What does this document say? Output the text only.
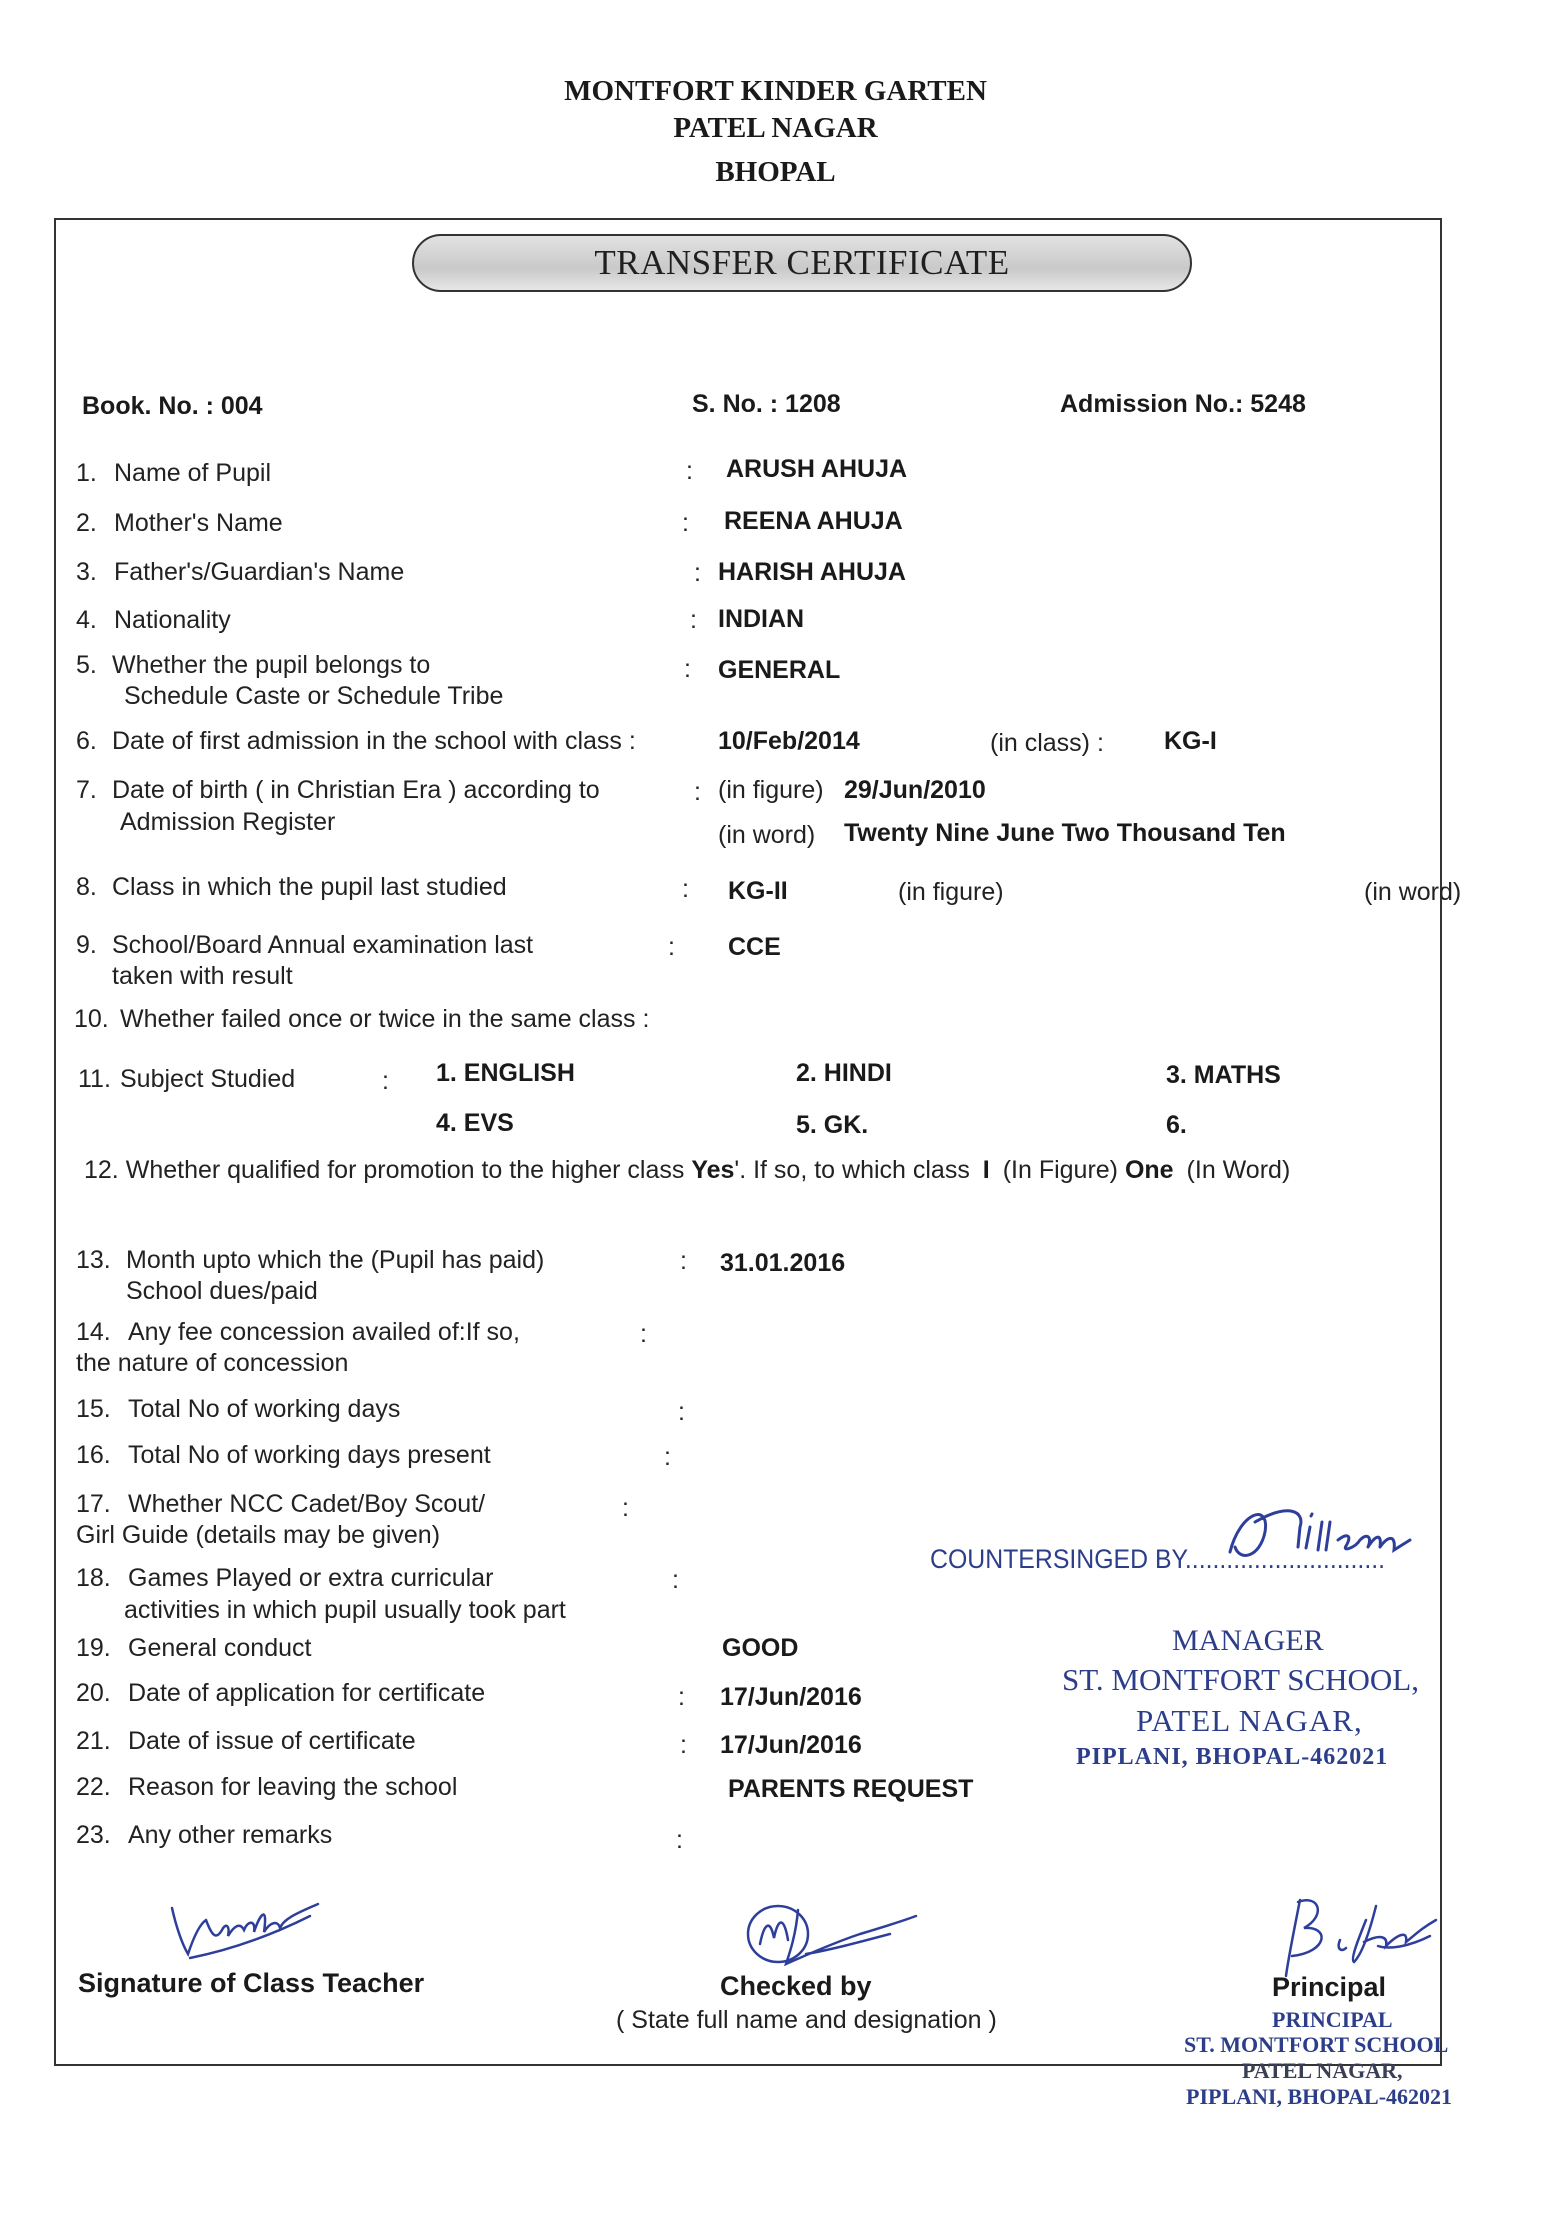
MONTFORT KINDER GARTEN
PATEL NAGAR
BHOPAL
TRANSFER CERTIFICATE
Book. No. : 004	S. No. : 1208	Admission No.: 5248
1. Name of Pupil	: ARUSH AHUJA
2. Mother's Name	: REENA AHUJA
3. Father's/Guardian's Name	: HARISH AHUJA
4. Nationality	: INDIAN
5. Whether the pupil belongs to
Schedule Caste or Schedule Tribe
: GENERAL
6. Date of first admission in the school with class :	10/Feb/2014	(in class) : KG-I
7. Date of birth ( in Christian Era ) according to
Admission Register
: (in figure) 29/Jun/2010
(in word) Twenty Nine June Two Thousand Ten
8. Class in which the pupil last studied	: KG-II	(in figure)	(in word)
9. School/Board Annual examination last
taken with result
: CCE
10. Whether failed once or twice in the same class :
11. Subject Studied	: 1. ENGLISH	2. HINDI	3. MATHS
4. EVS	5. GK.	6.
12. Whether qualified for promotion to the higher class Yes'. If so, to which class I (In Figure) One (In Word)
13. Month upto which the (Pupil has paid)
School dues/paid
: 31.01.2016
14. Any fee concession availed of:If so,
the nature of concession
:
15. Total No of working days	:
16. Total No of working days present	:
17. Whether NCC Cadet/Boy Scout/
Girl Guide (details may be given)
:
18. Games Played or extra curricular
activities in which pupil usually took part
:
19. General conduct	GOOD
20. Date of application for certificate	: 17/Jun/2016
21. Date of issue of certificate	: 17/Jun/2016
22. Reason for leaving the school	PARENTS REQUEST
23. Any other remarks	:
COUNTERSINGED BY.............................
MANAGER
ST. MONTFORT SCHOOL,
PATEL NAGAR,
PIPLANI, BHOPAL-462021
Signature of Class Teacher	Checked by
( State full name and designation )
Principal
PRINCIPAL
ST. MONTFORT SCHOOL
PATEL NAGAR,
PIPLANI, BHOPAL-462021
